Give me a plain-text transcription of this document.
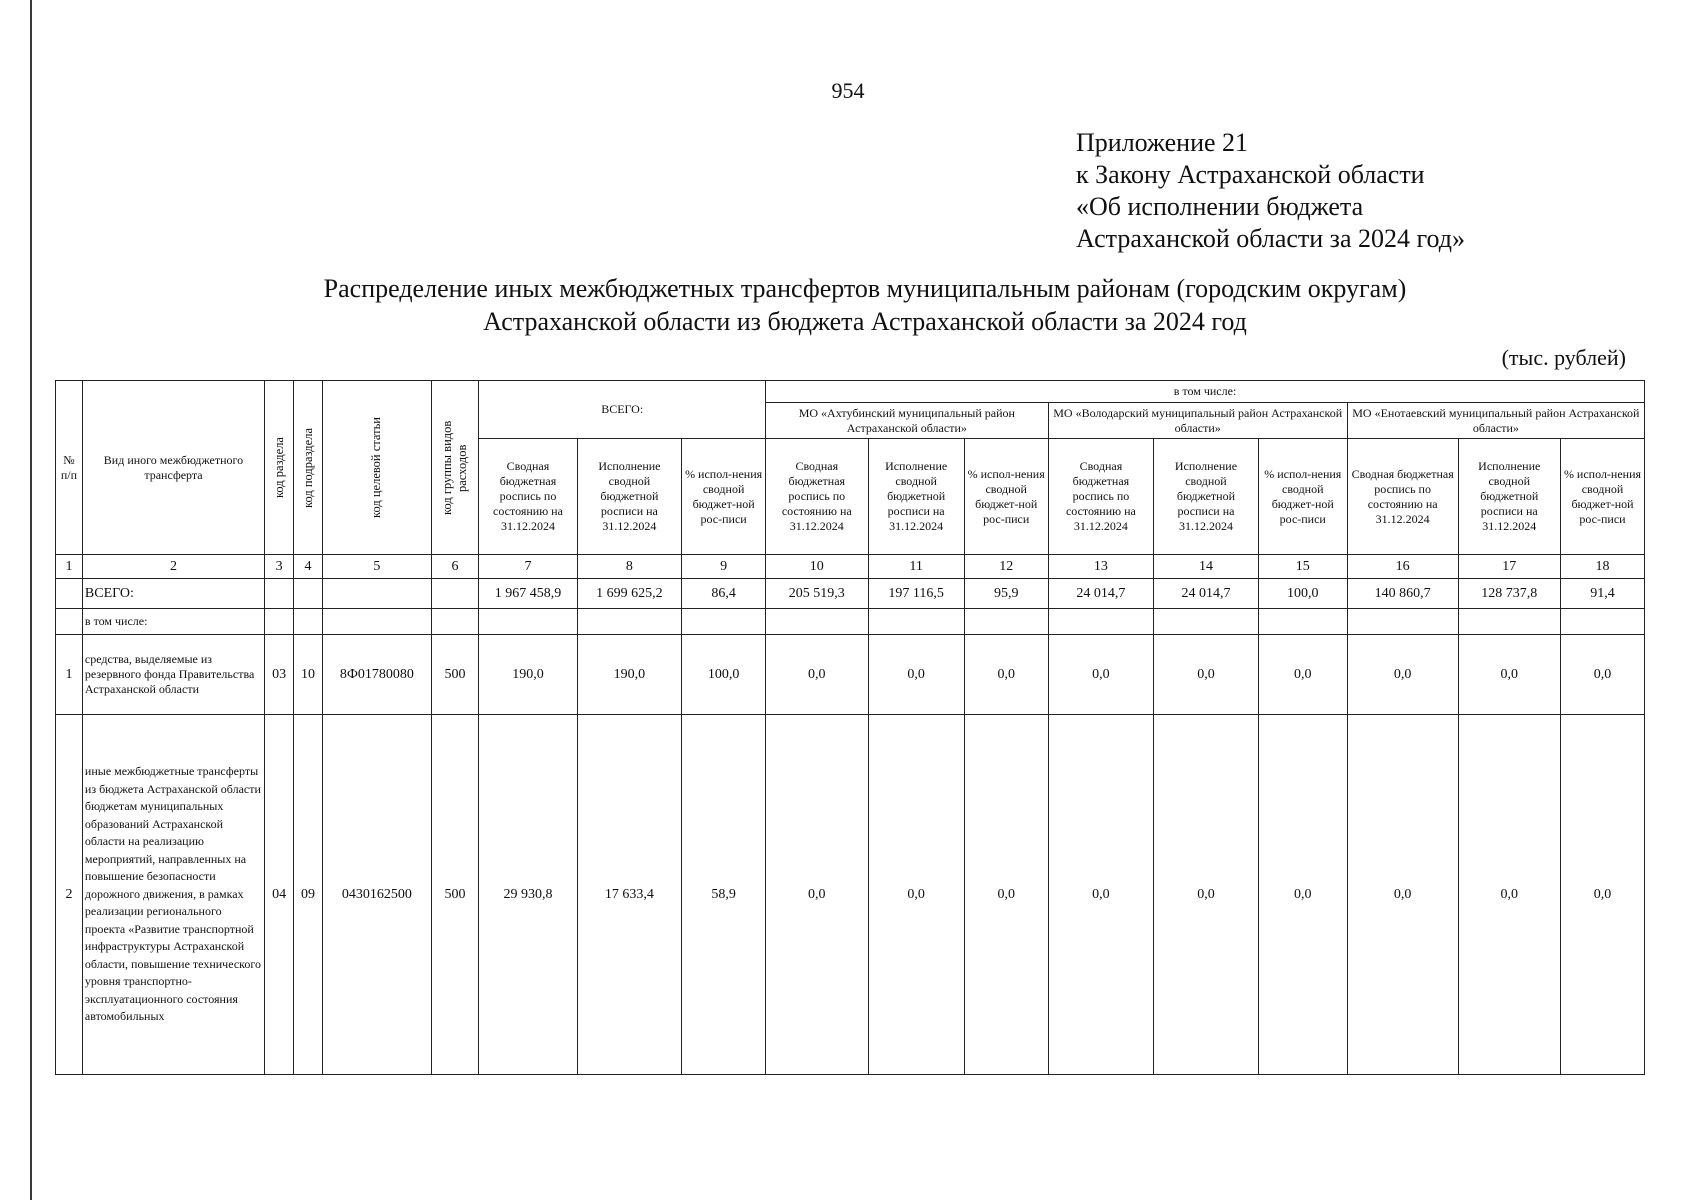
954
Приложение 21
к Закону Астраханской области
«Об исполнении бюджета
Астраханской области за 2024 год»
Распределение иных межбюджетных трансфертов муниципальным районам (городским округам)
Астраханской области из бюджета Астраханской области за 2024 год
(тыс. рублей)
№ п/п	Вид иного межбюджетного трансферта	код раздела	код подраздела	код целевой статьи	код группы видов расходов	ВСЕГО:			в том числе:								
									МО «Ахтубинский муниципальный район Астраханской области»			МО «Володарский муниципальный район Астраханской области»			МО «Енотаевский муниципальный район Астраханской области»		
						Сводная бюджетная роспись по состоянию на 31.12.2024	Исполнение сводной бюджетной росписи на 31.12.2024	% испол-нения сводной бюджет-ной рос-писи	Сводная бюджетная роспись по состоянию на 31.12.2024	Исполнение сводной бюджетной росписи на 31.12.2024	% испол-нения сводной бюджет-ной рос-писи	Сводная бюджетная роспись по состоянию на 31.12.2024	Исполнение сводной бюджетной росписи на 31.12.2024	% испол-нения сводной бюджет-ной рос-писи	Сводная бюджетная роспись по состоянию на 31.12.2024	Исполнение сводной бюджетной росписи на 31.12.2024	% испол-нения сводной бюджет-ной рос-писи
1	2	3	4	5	6	7	8	9	10	11	12	13	14	15	16	17	18
	ВСЕГО:					1 967 458,9	1 699 625,2	86,4	205 519,3	197 116,5	95,9	24 014,7	24 014,7	100,0	140 860,7	128 737,8	91,4
	в том числе:																
1	средства, выделяемые из резервного фонда Правительства Астраханской области	03	10	8Ф01780080	500	190,0	190,0	100,0	0,0	0,0	0,0	0,0	0,0	0,0	0,0	0,0	0,0
2	иные межбюджетные трансферты из бюджета Астраханской области бюджетам муниципальных образований Астраханской области на реализацию мероприятий, направленных на повышение безопасности дорожного движения, в рамках реализации регионального проекта «Развитие транспортной инфраструктуры Астраханской области, повышение технического уровня транспортно-эксплуатационного состояния автомобильных	04	09	0430162500	500	29 930,8	17 633,4	58,9	0,0	0,0	0,0	0,0	0,0	0,0	0,0	0,0	0,0
